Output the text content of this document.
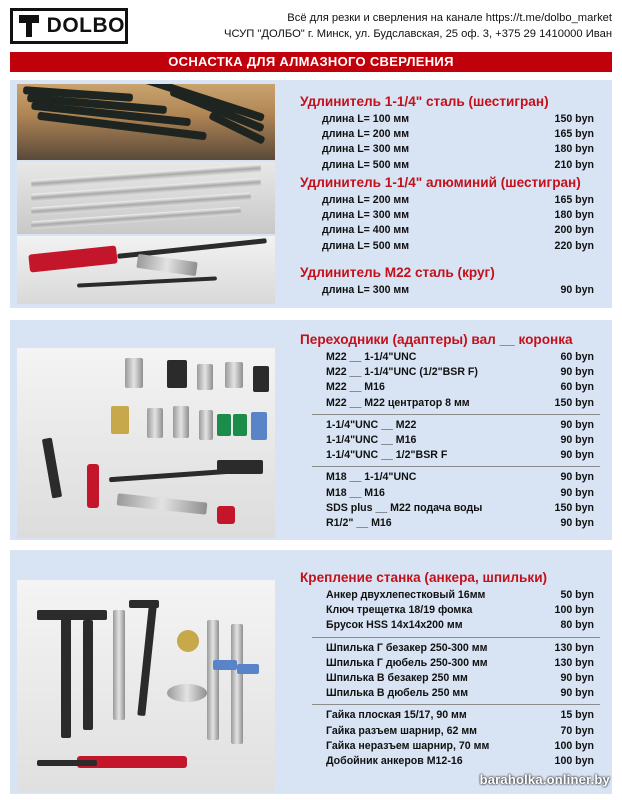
DOLBO	Всё для резки и сверления на канале https://t.me/dolbo_market
ЧСУП "ДОЛБО" г. Минск, ул. Будславская, 25 оф. 3, +375 29 1410000 Иван
ОСНАСТКА ДЛЯ АЛМАЗНОГО СВЕРЛЕНИЯ
Удлинитель 1-1/4" сталь (шестигран)
длина L= 100 мм	150 byn
длина L= 200 мм	165 byn
длина L= 300 мм	180 byn
длина L= 500 мм	210 byn
Удлинитель 1-1/4" алюминий (шестигран)
длина L= 200 мм	165 byn
длина L= 300 мм	180 byn
длина L= 400 мм	200 byn
длина L= 500 мм	220 byn
Удлинитель М22 сталь (круг)
длина L= 300 мм	90 byn
Переходники (адаптеры) вал __ коронка
М22 __ 1-1/4"UNC	60 byn
М22 __ 1-1/4"UNC (1/2"BSR F)	90 byn
М22 __ М16	60 byn
М22 __ М22 центратор 8 мм	150 byn
1-1/4"UNC __ М22	90 byn
1-1/4"UNC __ М16	90 byn
1-1/4"UNC __ 1/2"BSR F	90 byn
М18 __ 1-1/4"UNC	90 byn
М18 __ М16	90 byn
SDS plus __ М22 подача воды	150 byn
R1/2" __ М16	90 byn
Крепление станка (анкера, шпильки)
Анкер двухлепестковый 16мм	50 byn
Ключ трещетка 18/19 фомка	100 byn
Брусок HSS 14х14х200 мм	80 byn
Шпилька Г безакер 250-300 мм	130 byn
Шпилька Г дюбель 250-300 мм	130 byn
Шпилька В безакер 250 мм	90 byn
Шпилька В дюбель 250 мм	90 byn
Гайка плоская 15/17, 90 мм	15 byn
Гайка разъем шарнир, 62 мм	70 byn
Гайка неразъем шарнир, 70 мм	100 byn
Добойник анкеров М12-16	100 byn
baraholka.onliner.by
